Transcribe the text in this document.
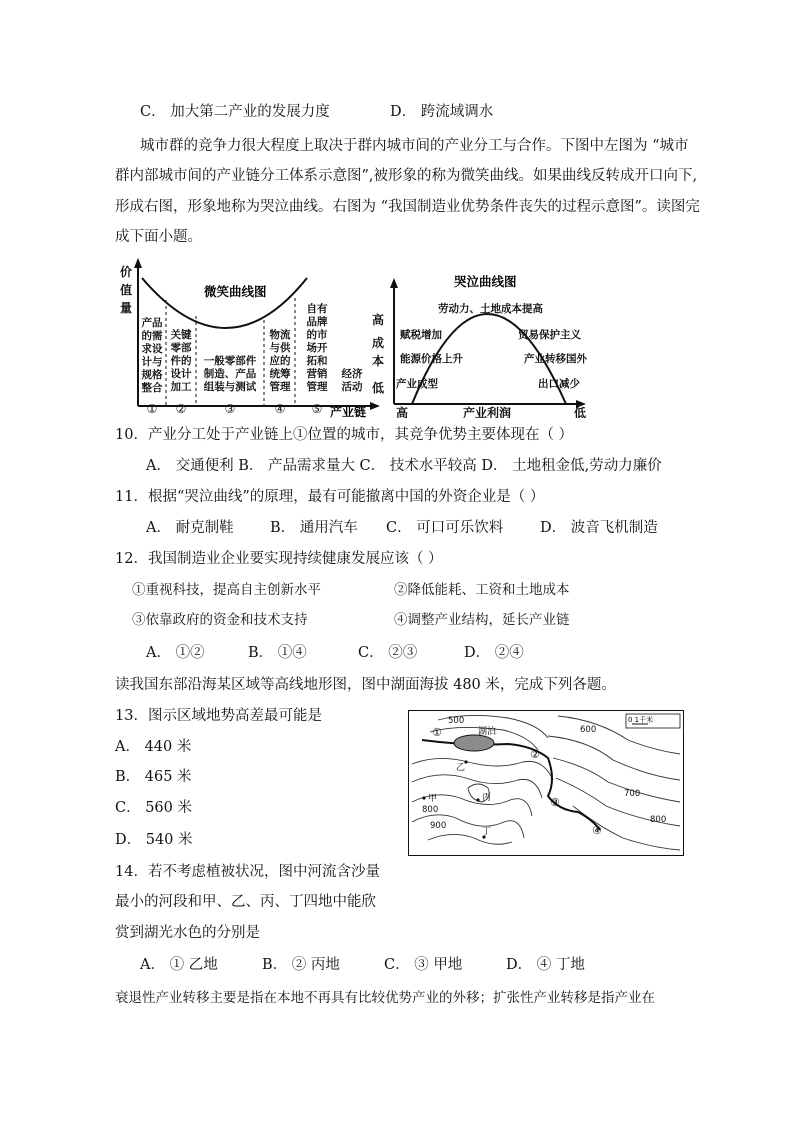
C． 加大第二产业的发展力度	D． 跨流域调水
城市群的竞争力很大程度上取决于群内城市间的产业分工与合作。下图中左图为 “城市
群内部城市间的产业链分工体系示意图”,被形象的称为微笑曲线。如果曲线反转成开口向下,
形成右图，形象地称为哭泣曲线。右图为 “我国制造业优势条件丧失的过程示意图”。读图完
成下面小题。
价
值
量
微笑曲线图
产品
的需
求设
计与
规格
整合
关键
零部
件的
设计
加工
一般零部件
制造、产品
组装与测试
物流
与供
应的
统筹
管理
自有
品牌
的市
场开
拓和
营销
管理
经济
活动
① ②	③	④ ⑤ 产业链
哭泣曲线图
高
成
本
低
高	产业利润	低
劳动力、土地成本提高
赋税增加
能源价格上升
产业成型
贸易保护主义
产业转移国外
出口减少
10．产业分工处于产业链上①位置的城市，其竞争优势主要体现在（ ）
A． 交通便利 B． 产品需求量大 C． 技术水平较高 D． 土地租金低,劳动力廉价
11．根据“哭泣曲线”的原理，最有可能撤离中国的外资企业是（ ）
A． 耐克制鞋	B． 通用汽车 C． 可口可乐饮料	D． 波音飞机制造
12．我国制造业企业要实现持续健康发展应该（ ）
①重视科技，提高自主创新水平	②降低能耗、工资和土地成本
③依靠政府的资金和技术支持	④调整产业结构，延长产业链
A． ①②	B． ①④	C． ②③	D． ②④
读我国东部沿海某区域等高线地形图，图中湖面海拔 480 米，完成下列各题。
13．图示区域地势高差最可能是
A． 440 米
B． 465 米
C． 560 米
D． 540 米
14．若不考虑植被状况，图中河流含沙量
最小的河段和甲、乙、丙、丁四地中能欣
赏到湖光水色的分别是
A． ① 乙地	B． ② 丙地	C． ③ 甲地	D． ④ 丁地
衰退性产业转移主要是指在本地不再具有比较优势产业的外移；扩张性产业转移是指产业在
0 1千米
湖泊
500
600
700
800
800
900
甲
乙
丙
丁
①
②
③
④
